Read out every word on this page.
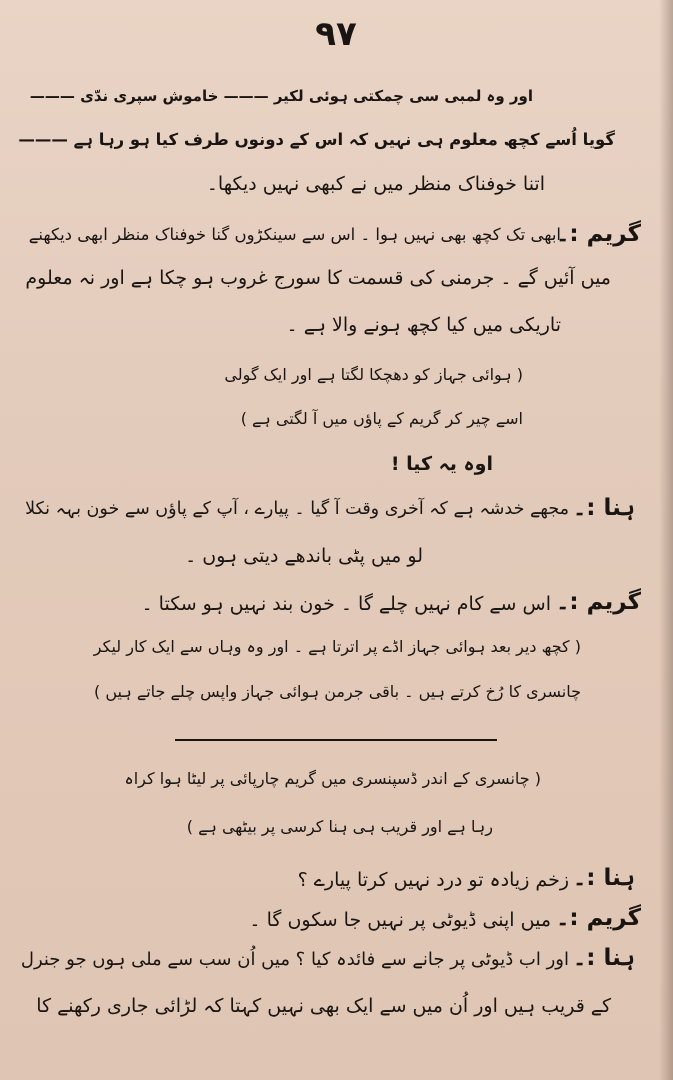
۹۷
اور وہ لمبی سی چمکتی ہوئی لکیر ——— خاموش سپری ندّی ———
گویا اُسے کچھ معلوم ہی نہیں کہ اس کے دونوں طرف کیا ہو رہا ہے ———
اتنا خوفناک منظر میں نے کبھی نہیں دیکھا۔
گریم :۔
ابھی تک کچھ بھی نہیں ہوا ۔ اس سے سینکڑوں گنا خوفناک منظر ابھی دیکھنے
میں آئیں گے ۔ جرمنی کی قسمت کا سورج غروب ہو چکا ہے اور نہ معلوم
تاریکی میں کیا کچھ ہونے والا ہے ۔
( ہوائی جہاز کو دھچکا لگتا ہے اور ایک گولی
اسے چیر کر گریم کے پاؤں میں آ لگتی ہے )
اوہ یہ کیا !
ہنا :۔
مجھے خدشہ ہے کہ آخری وقت آ گیا ۔ پیارے ، آپ کے پاؤں سے خون بہہ نکلا
لو میں پٹی باندھے دیتی ہوں ۔
گریم :۔
اس سے کام نہیں چلے گا ۔ خون بند نہیں ہو سکتا ۔
( کچھ دیر بعد ہوائی جہاز اڈے پر اترتا ہے ۔ اور وہ وہاں سے ایک کار لیکر
چانسری کا رُخ کرتے ہیں ۔ باقی جرمن ہوائی جہاز واپس چلے جاتے ہیں )
( چانسری کے اندر ڈسپنسری میں گریم چارپائی پر لیٹا ہوا کراہ
رہا ہے اور قریب ہی ہنا کرسی پر بیٹھی ہے )
ہنا :۔
زخم زیادہ تو درد نہیں کرتا پیارے ؟
گریم :۔
میں اپنی ڈیوٹی پر نہیں جا سکوں گا ۔
ہنا :۔
اور اب ڈیوٹی پر جانے سے فائدہ کیا ؟ میں اُن سب سے ملی ہوں جو جنرل
کے قریب ہیں اور اُن میں سے ایک بھی نہیں کہتا کہ لڑائی جاری رکھنے کا
